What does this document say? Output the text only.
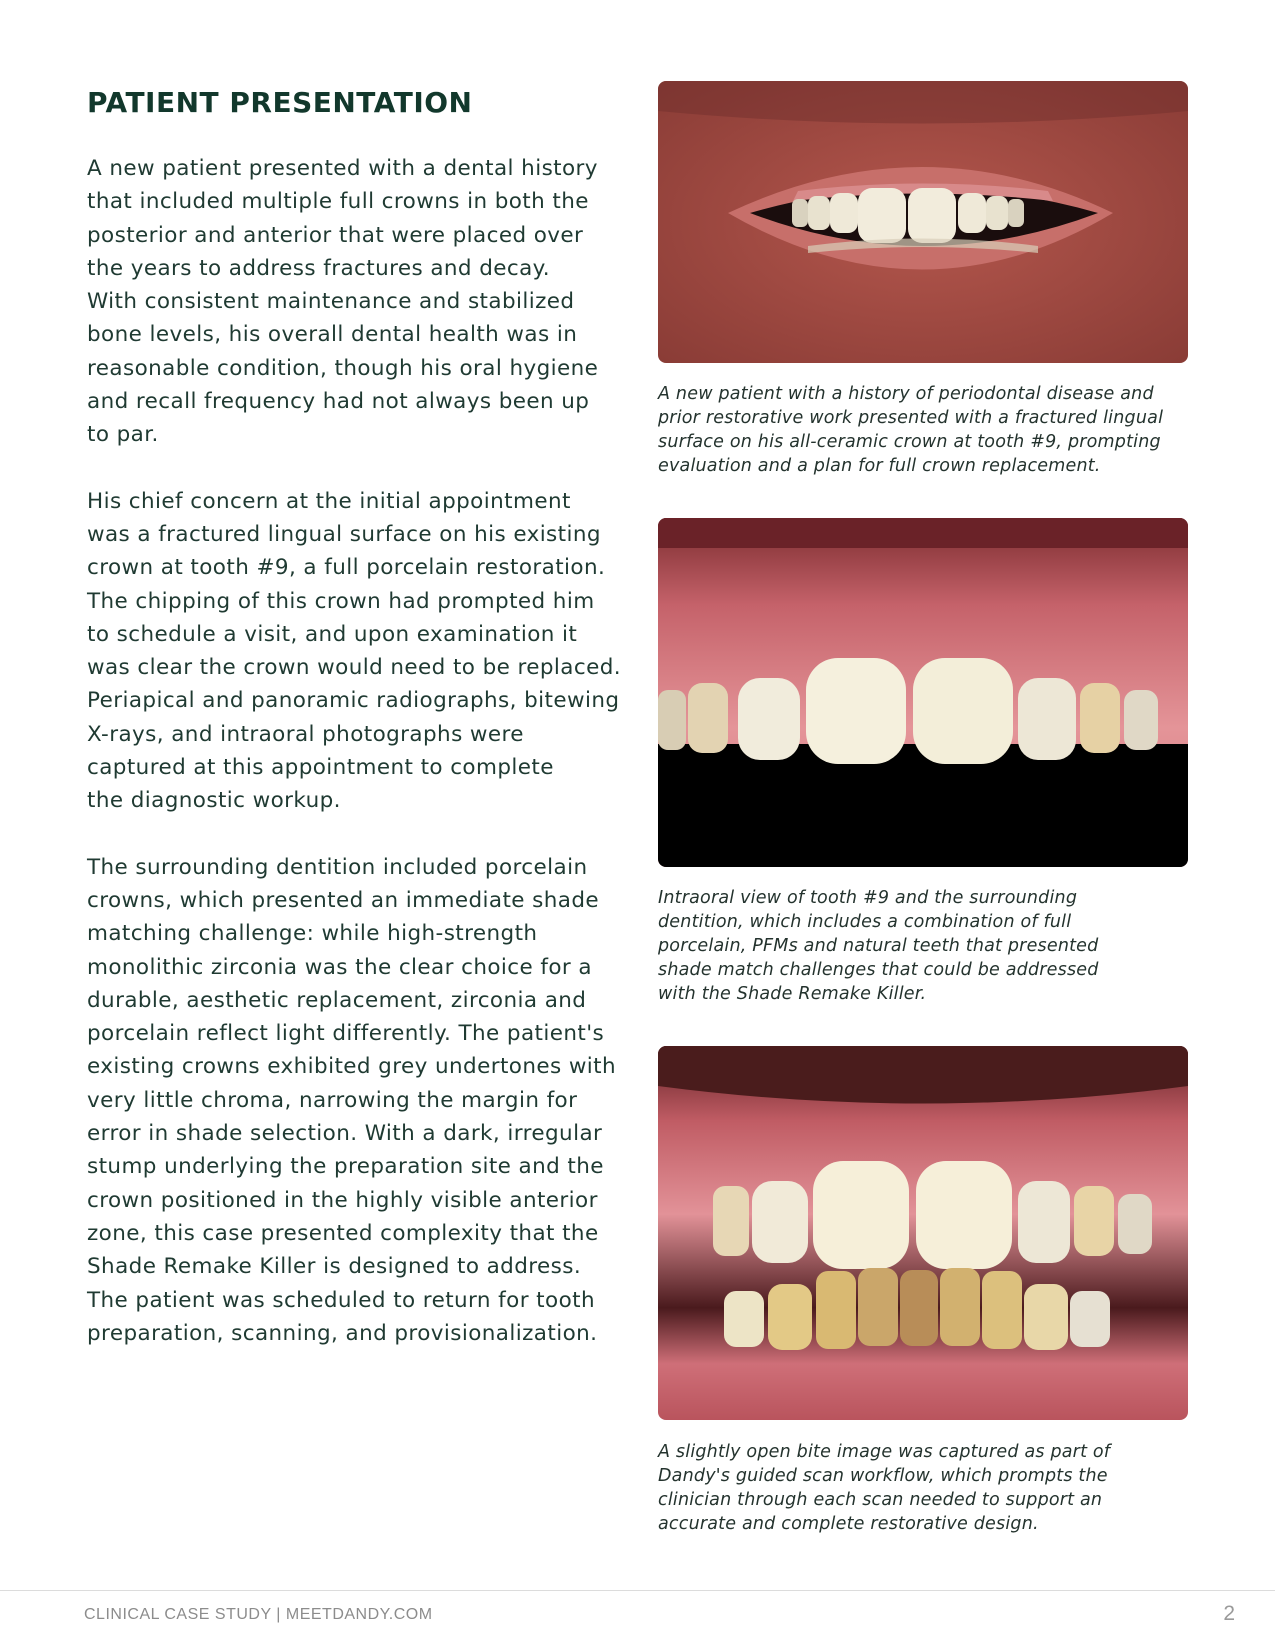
PATIENT PRESENTATION

A new patient presented with a dental history
that included multiple full crowns in both the
posterior and anterior that were placed over
the years to address fractures and decay.
With consistent maintenance and stabilized
bone levels, his overall dental health was in
reasonable condition, though his oral hygiene
and recall frequency had not always been up
to par.

His chief concern at the initial appointment
was a fractured lingual surface on his existing
crown at tooth #9, a full porcelain restoration.
The chipping of this crown had prompted him
to schedule a visit, and upon examination it
was clear the crown would need to be replaced.
Periapical and panoramic radiographs, bitewing
X-rays, and intraoral photographs were
captured at this appointment to complete
the diagnostic workup.

The surrounding dentition included porcelain
crowns, which presented an immediate shade
matching challenge: while high-strength
monolithic zirconia was the clear choice for a
durable, aesthetic replacement, zirconia and
porcelain reflect light differently. The patient's
existing crowns exhibited grey undertones with
very little chroma, narrowing the margin for
error in shade selection. With a dark, irregular
stump underlying the preparation site and the
crown positioned in the highly visible anterior
zone, this case presented complexity that the
Shade Remake Killer is designed to address.
The patient was scheduled to return for tooth
preparation, scanning, and provisionalization.

A new patient with a history of periodontal disease and
prior restorative work presented with a fractured lingual
surface on his all-ceramic crown at tooth #9, prompting
evaluation and a plan for full crown replacement.

Intraoral view of tooth #9 and the surrounding
dentition, which includes a combination of full
porcelain, PFMs and natural teeth that presented
shade match challenges that could be addressed
with the Shade Remake Killer.

A slightly open bite image was captured as part of
Dandy's guided scan workflow, which prompts the
clinician through each scan needed to support an
accurate and complete restorative design.

CLINICAL CASE STUDY | MEETDANDY.COM	2
